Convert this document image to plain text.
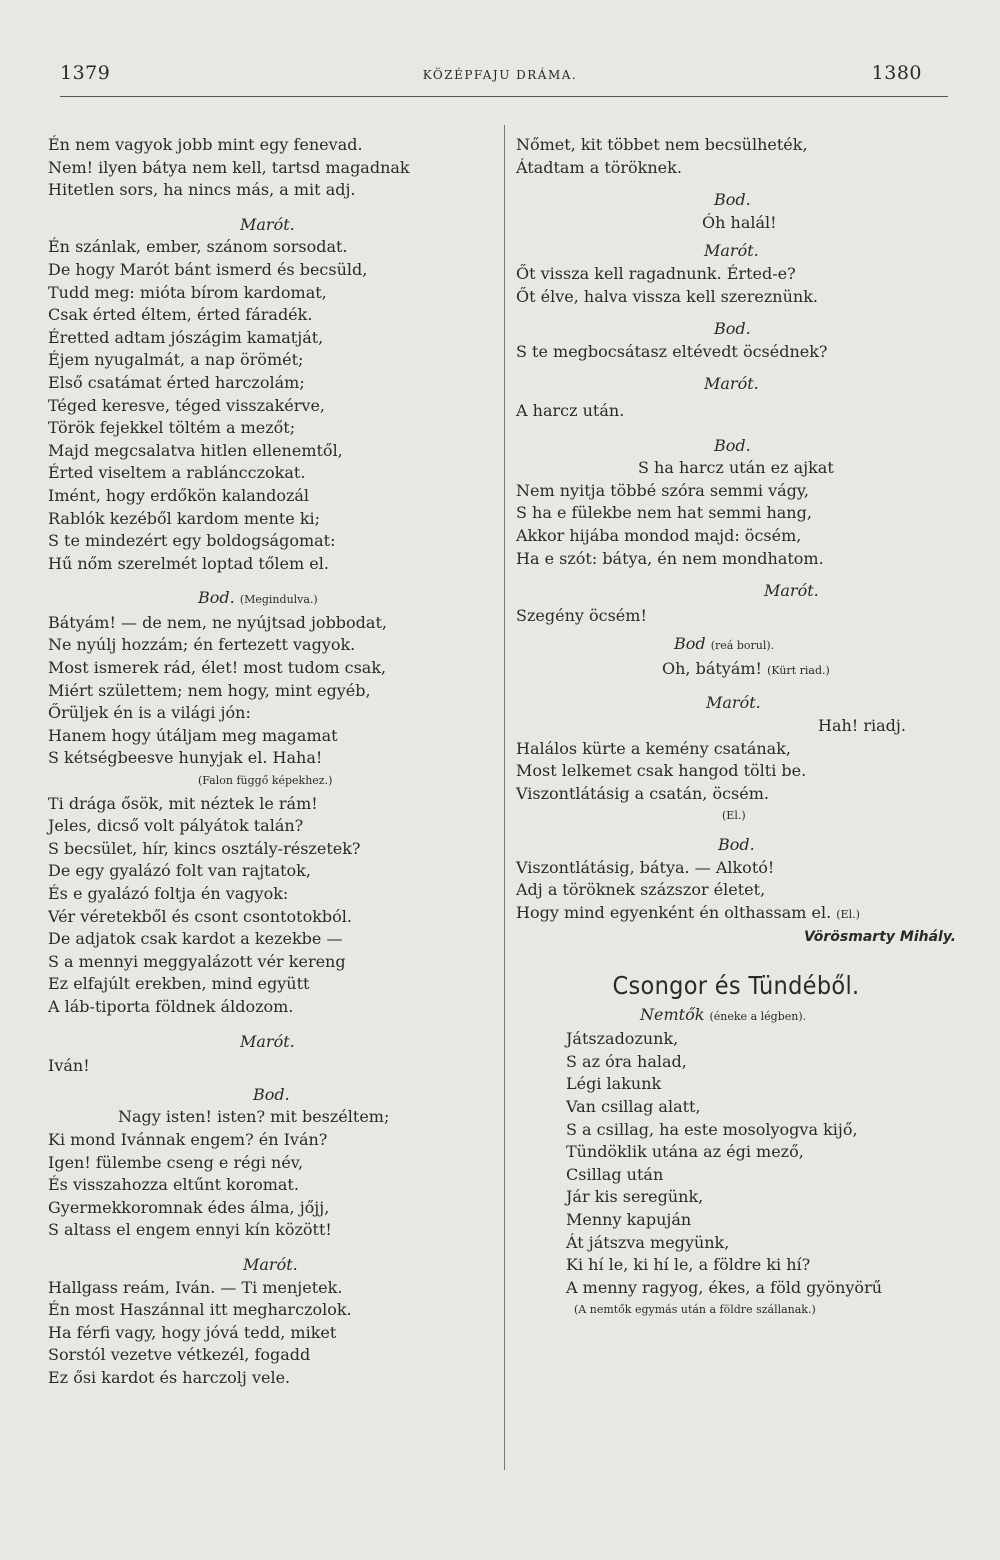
1379	KÖZÉPFAJU DRÁMA.	1380
Én nem vagyok jobb mint egy fenevad.
Nem! ilyen bátya nem kell, tartsd magadnak
Hitetlen sors, ha nincs más, a mit adj.
Marót.
Én szánlak, ember, szánom sorsodat.
De hogy Marót bánt ismerd és becsüld,
Tudd meg: mióta bírom kardomat,
Csak érted éltem, érted fáradék.
Éretted adtam jószágim kamatját,
Éjem nyugalmát, a nap örömét;
Első csatámat érted harczolám;
Téged keresve, téged visszakérve,
Török fejekkel töltém a mezőt;
Majd megcsalatva hitlen ellenemtől,
Érted viseltem a rabláncczokat.
Imént, hogy erdőkön kalandozál
Rablók kezéből kardom mente ki;
S te mindezért egy boldogságomat:
Hű nőm szerelmét loptad tőlem el.
Bod. (Megindulva.)
Bátyám! — de nem, ne nyújtsad jobbodat,
Ne nyúlj hozzám; én fertezett vagyok.
Most ismerek rád, élet! most tudom csak,
Miért születtem; nem hogy, mint egyéb,
Őrüljek én is a világi jón:
Hanem hogy útáljam meg magamat
S kétségbeesve hunyjak el. Haha!
(Falon függő képekhez.)
Ti drága ősök, mit néztek le rám!
Jeles, dicső volt pályátok talán?
S becsület, hír, kincs osztály-részetek?
De egy gyalázó folt van rajtatok,
És e gyalázó foltja én vagyok:
Vér véretekből és csont csontotokból.
De adjatok csak kardot a kezekbe —
S a mennyi meggyalázott vér kereng
Ez elfajúlt erekben, mind együtt
A láb-tiporta földnek áldozom.
Marót.
Iván!
Bod.
Nagy isten! isten? mit beszéltem;
Ki mond Ivánnak engem? én Iván?
Igen! fülembe cseng e régi név,
És visszahozza eltűnt koromat.
Gyermekkoromnak édes álma, jőjj,
S altass el engem ennyi kín között!
Marót.
Hallgass reám, Iván. — Ti menjetek.
Én most Haszánnal itt megharczolok.
Ha férfi vagy, hogy jóvá tedd, miket
Sorstól vezetve vétkezél, fogadd
Ez ősi kardot és harczolj vele.
Nőmet, kit többet nem becsülheték,
Átadtam a töröknek.
Bod.
Óh halál!
Marót.
Őt vissza kell ragadnunk. Érted-e?
Őt élve, halva vissza kell szereznünk.
Bod.
S te megbocsátasz eltévedt öcsédnek?
Marót.
A harcz után.
Bod.
S ha harcz után ez ajkat
Nem nyitja többé szóra semmi vágy,
S ha e fülekbe nem hat semmi hang,
Akkor hijába mondod majd: öcsém,
Ha e szót: bátya, én nem mondhatom.
Marót.
Szegény öcsém!
Bod (reá borul).
Oh, bátyám! (Kürt riad.)
Marót.
Hah! riadj.
Halálos kürte a kemény csatának,
Most lelkemet csak hangod tölti be.
Viszontlátásig a csatán, öcsém.
(El.)
Bod.
Viszontlátásig, bátya. — Alkotó!
Adj a töröknek százszor életet,
Hogy mind egyenként én olthassam el. (El.)
Vörösmarty Mihály.
Csongor és Tündéből.
Nemtők (éneke a légben).
Játszadozunk,
S az óra halad,
Légi lakunk
Van csillag alatt,
S a csillag, ha este mosolyogva kijő,
Tündöklik utána az égi mező,
Csillag után
Jár kis seregünk,
Menny kapuján
Át játszva megyünk,
Ki hí le, ki hí le, a földre ki hí?
A menny ragyog, ékes, a föld gyönyörű
(A nemtők egymás után a földre szállanak.)
